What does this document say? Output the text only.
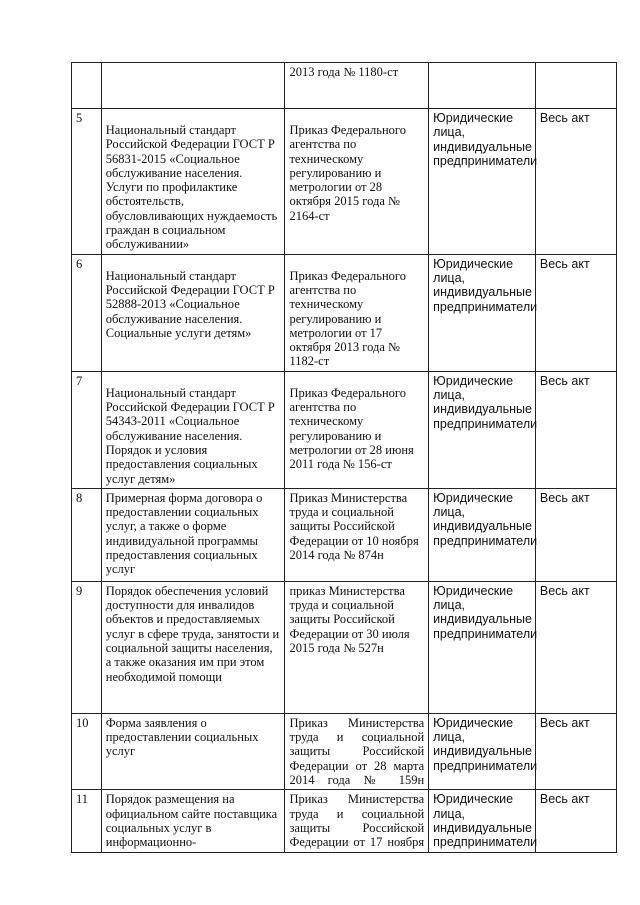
		2013 года № 1180-ст		
5	Национальный стандарт Российской Федерации ГОСТ Р 56831-2015 «Социальное обслуживание населения. Услуги по профилактике обстоятельств, обусловливающих нуждаемость граждан в социальном обслуживании»	Приказ Федерального агентства по техническому регулированию и метрологии от 28 октября 2015 года № 2164-ст	Юридические лица, индивидуальные предприниматели	Весь акт
6	Национальный стандарт Российской Федерации ГОСТ Р 52888-2013 «Социальное обслуживание населения. Социальные услуги детям»	Приказ Федерального агентства по техническому регулированию и метрологии от 17 октября 2013 года № 1182-ст	Юридические лица, индивидуальные предприниматели	Весь акт
7	Национальный стандарт Российской Федерации ГОСТ Р 54343-2011 «Социальное обслуживание населения. Порядок и условия предоставления социальных услуг детям»	Приказ Федерального агентства по техническому регулированию и метрологии от 28 июня 2011 года № 156-ст	Юридические лица, индивидуальные предприниматели	Весь акт
8	Примерная форма договора о предоставлении социальных услуг, а также о форме индивидуальной программы предоставления социальных услуг	Приказ Министерства труда и социальной защиты Российской Федерации от 10 ноября 2014 года № 874н	Юридические лица, индивидуальные предприниматели	Весь акт
9	Порядок обеспечения условий доступности для инвалидов объектов и предоставляемых услуг в сфере труда, занятости и социальной защиты населения, а также оказания им при этом необходимой помощи	приказ Министерства труда и социальной защиты Российской Федерации от 30 июля 2015 года № 527н	Юридические лица, индивидуальные предприниматели	Весь акт
10	Форма заявления о предоставлении социальных услуг	Приказ Министерства труда и социальной защиты Российской Федерации от 28 марта 2014 года № 159н	Юридические лица, индивидуальные предприниматели	Весь акт
11	Порядок размещения на официальном сайте поставщика социальных услуг в информационно-	Приказ Министерства труда и социальной защиты Российской Федерации от 17 ноября	Юридические лица, индивидуальные предприниматели	Весь акт
